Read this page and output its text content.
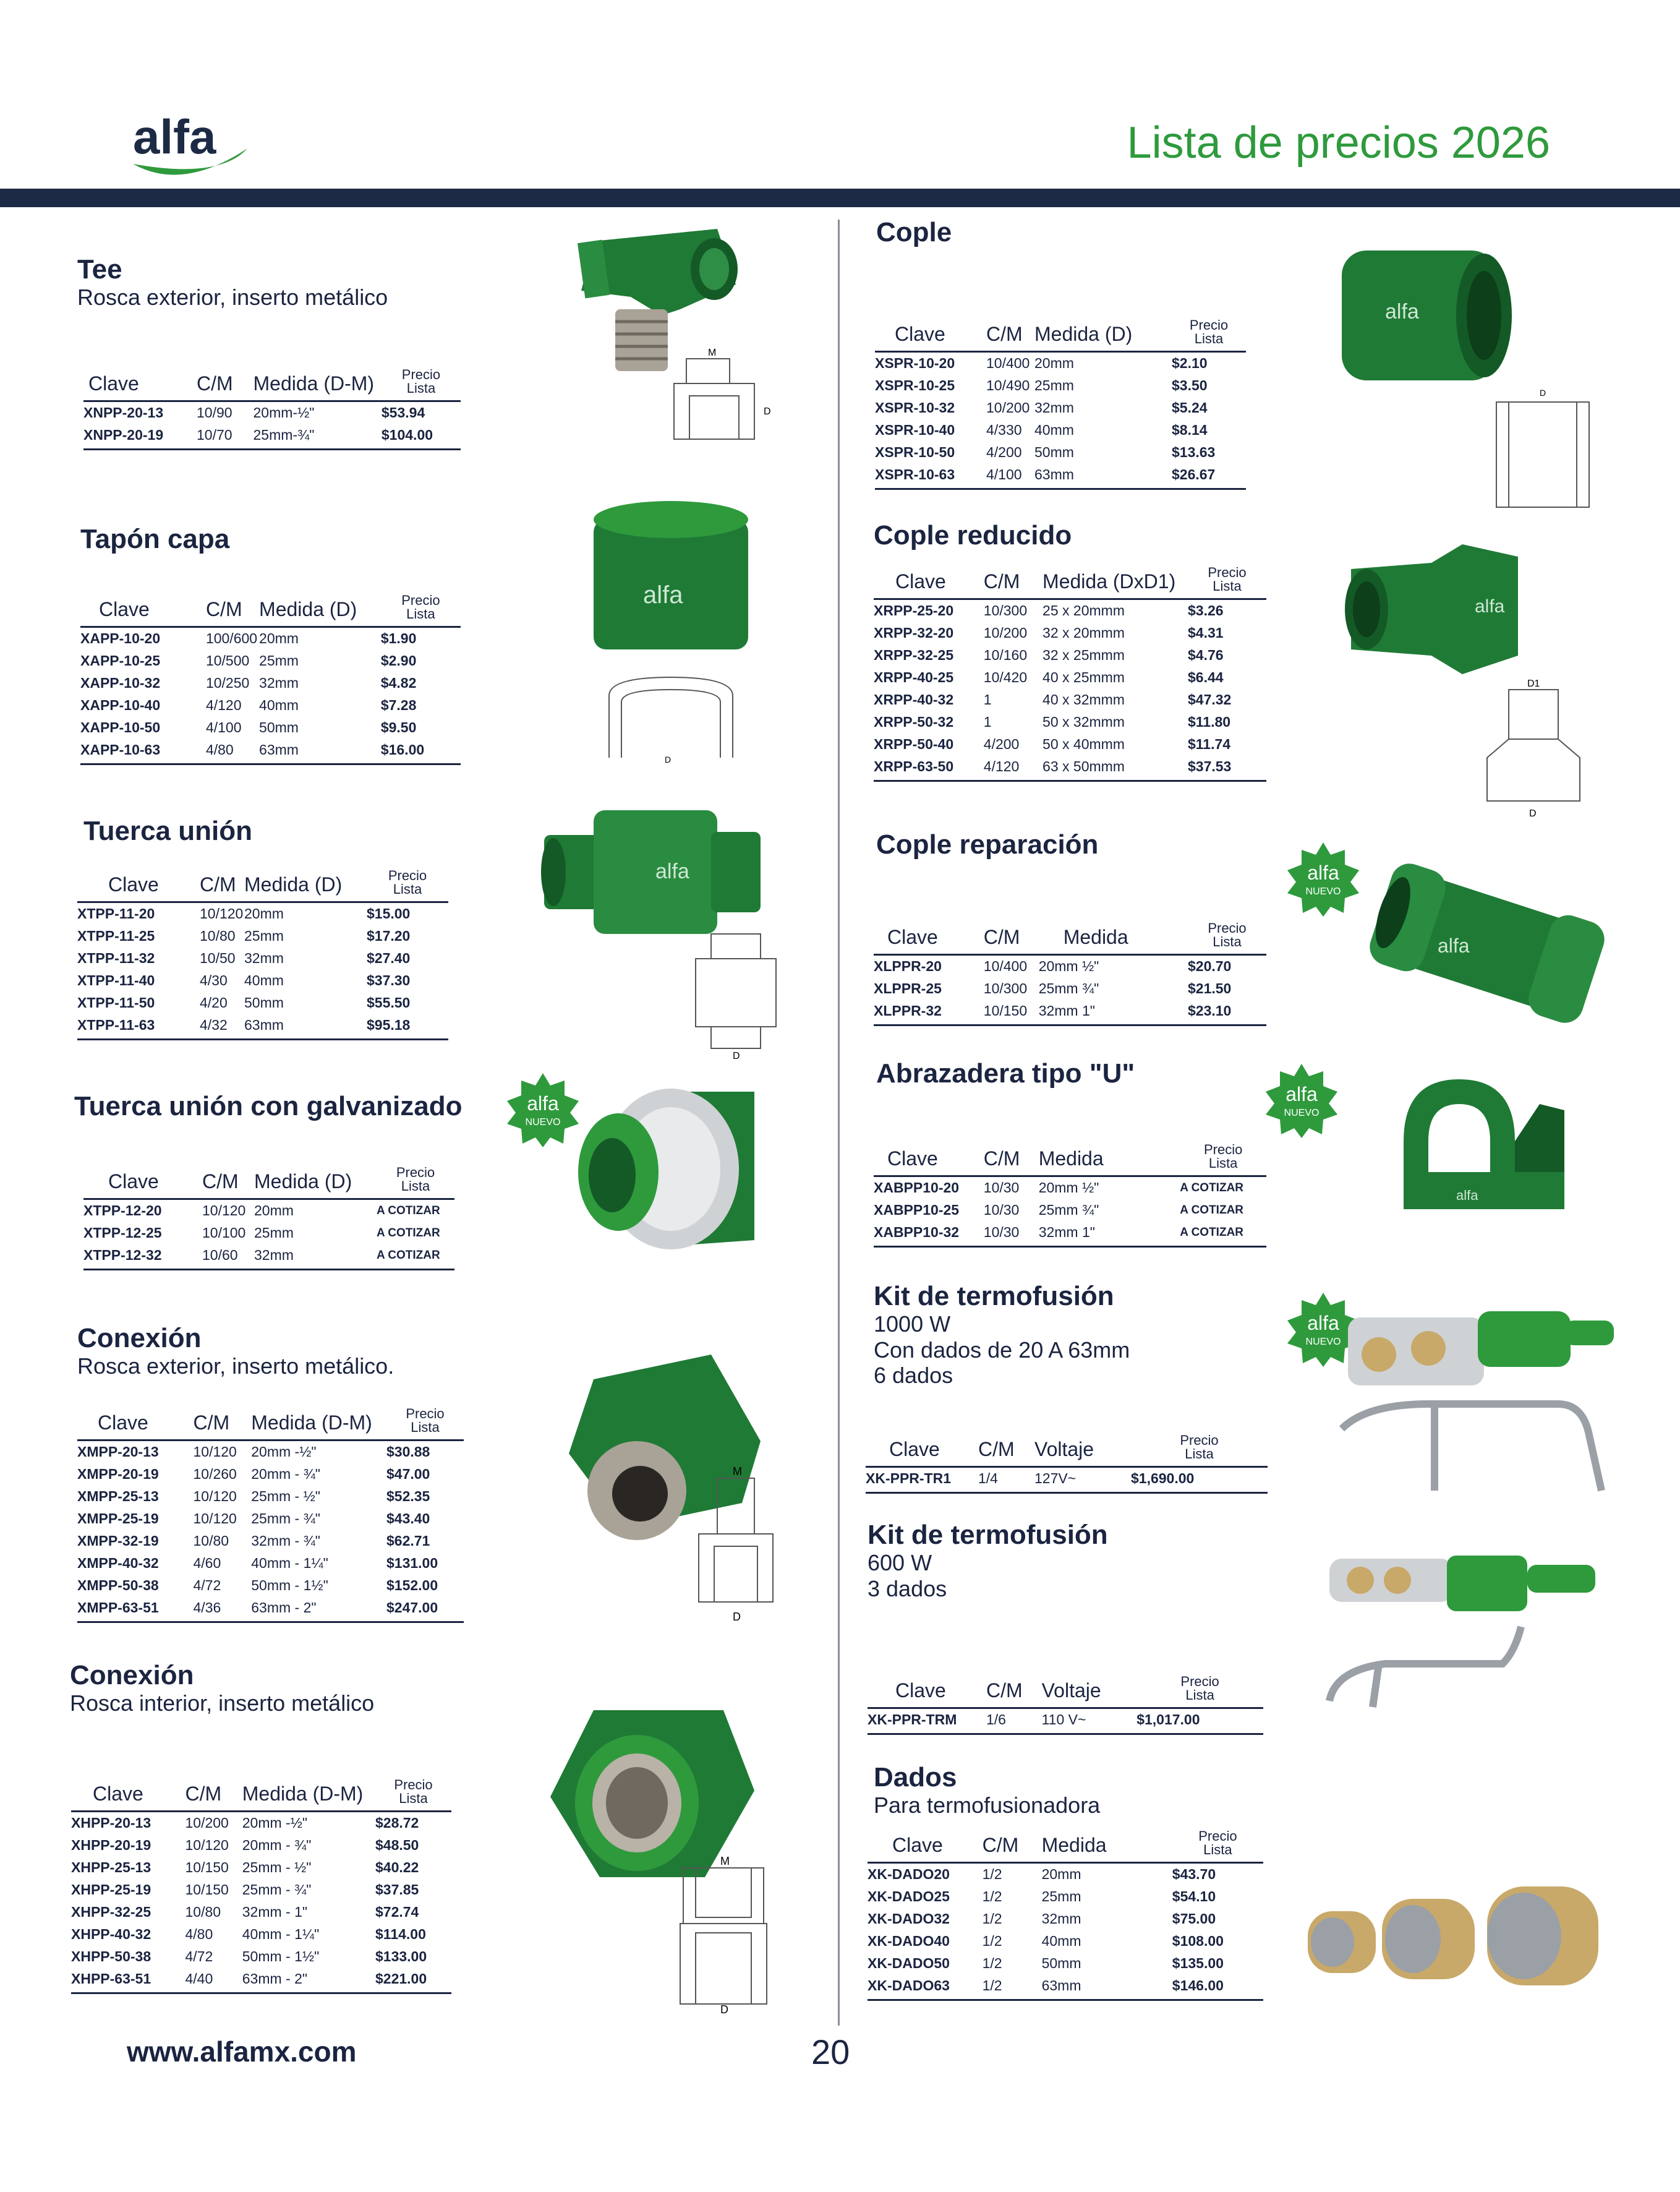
alfa	Lista de precios 2026
Tee
Rosca exterior, inserto metálico
Clave	C/M	Medida (D-M)	Precio
Lista
XNPP-20-13	10/90	20mm-½"	$53.94
XNPP-20-19	10/70	25mm-¾"	$104.00
M
D
Tapón capa
Clave	C/M	Medida (D)	Precio
Lista
XAPP-10-20	100/600	20mm	$1.90
XAPP-10-25	10/500	25mm	$2.90
XAPP-10-32	10/250	32mm	$4.82
XAPP-10-40	4/120	40mm	$7.28
XAPP-10-50	4/100	50mm	$9.50
XAPP-10-63	4/80	63mm	$16.00
alfa
D
Tuerca unión
Clave	C/M	Medida (D)	Precio
Lista
XTPP-11-20	10/120	20mm	$15.00
XTPP-11-25	10/80	25mm	$17.20
XTPP-11-32	10/50	32mm	$27.40
XTPP-11-40	4/30	40mm	$37.30
XTPP-11-50	4/20	50mm	$55.50
XTPP-11-63	4/32	63mm	$95.18
alfa
D
Tuerca unión con galvanizado	alfa
NUEVO
Clave	C/M	Medida (D)	Precio
Lista
XTPP-12-20	10/120	20mm	A COTIZAR
XTPP-12-25	10/100	25mm	A COTIZAR
XTPP-12-32	10/60	32mm	A COTIZAR
Conexión
Rosca exterior, inserto metálico.
Clave	C/M	Medida (D-M)	Precio
Lista
XMPP-20-13	10/120	20mm -½"	$30.88
XMPP-20-19	10/260	20mm - ¾"	$47.00
XMPP-25-13	10/120	25mm - ½"	$52.35
XMPP-25-19	10/120	25mm - ¾"	$43.40
XMPP-32-19	10/80	32mm - ¾"	$62.71
XMPP-40-32	4/60	40mm - 1¼"	$131.00
XMPP-50-38	4/72	50mm - 1½"	$152.00
XMPP-63-51	4/36	63mm - 2"	$247.00
M
D
Conexión
Rosca interior, inserto metálico
Clave	C/M	Medida (D-M)	Precio
Lista
XHPP-20-13	10/200	20mm -½"	$28.72
XHPP-20-19	10/120	20mm - ¾"	$48.50
XHPP-25-13	10/150	25mm - ½"	$40.22
XHPP-25-19	10/150	25mm - ¾"	$37.85
XHPP-32-25	10/80	32mm - 1"	$72.74
XHPP-40-32	4/80	40mm - 1¼"	$114.00
XHPP-50-38	4/72	50mm - 1½"	$133.00
XHPP-63-51	4/40	63mm - 2"	$221.00
M
D
Cople
Clave	C/M	Medida (D)	Precio
Lista
XSPR-10-20	10/400	20mm	$2.10
XSPR-10-25	10/490	25mm	$3.50
XSPR-10-32	10/200	32mm	$5.24
XSPR-10-40	4/330	40mm	$8.14
XSPR-10-50	4/200	50mm	$13.63
XSPR-10-63	4/100	63mm	$26.67
alfa
D
Cople reducido
Clave	C/M	Medida (DxD1)	Precio
Lista
XRPP-25-20	10/300	25 x 20mmm	$3.26
XRPP-32-20	10/200	32 x 20mmm	$4.31
XRPP-32-25	10/160	32 x 25mmm	$4.76
XRPP-40-25	10/420	40 x 25mmm	$6.44
XRPP-40-32	1	40 x 32mmm	$47.32
XRPP-50-32	1	50 x 32mmm	$11.80
XRPP-50-40	4/200	50 x 40mmm	$11.74
XRPP-63-50	4/120	63 x 50mmm	$37.53
alfa
D1
D
Cople reparación
alfa
NUEVO
Clave	C/M	Medida	Precio
Lista
XLPPR-20	10/400	20mm ½"	$20.70
XLPPR-25	10/300	25mm ¾"	$21.50
XLPPR-32	10/150	32mm 1"	$23.10
alfa
Abrazadera tipo "U"
alfa
NUEVO
Clave	C/M	Medida	Precio
Lista
XABPP10-20	10/30	20mm ½"	A COTIZAR
XABPP10-25	10/30	25mm ¾"	A COTIZAR
XABPP10-32	10/30	32mm 1"	A COTIZAR
alfa
Kit de termofusión
1000 W
Con dados de 20 A 63mm
6 dados
alfa
NUEVO
Clave	C/M	Voltaje	Precio
Lista
XK-PPR-TR1	1/4	127V~	$1,690.00
Kit de termofusión
600 W
3 dados
Clave	C/M	Voltaje	Precio
Lista
XK-PPR-TRM	1/6	110 V~	$1,017.00
Dados
Para termofusionadora
Clave	C/M	Medida	Precio
Lista
XK-DADO20	1/2	20mm	$43.70
XK-DADO25	1/2	25mm	$54.10
XK-DADO32	1/2	32mm	$75.00
XK-DADO40	1/2	40mm	$108.00
XK-DADO50	1/2	50mm	$135.00
XK-DADO63	1/2	63mm	$146.00
www.alfamx.com	20
